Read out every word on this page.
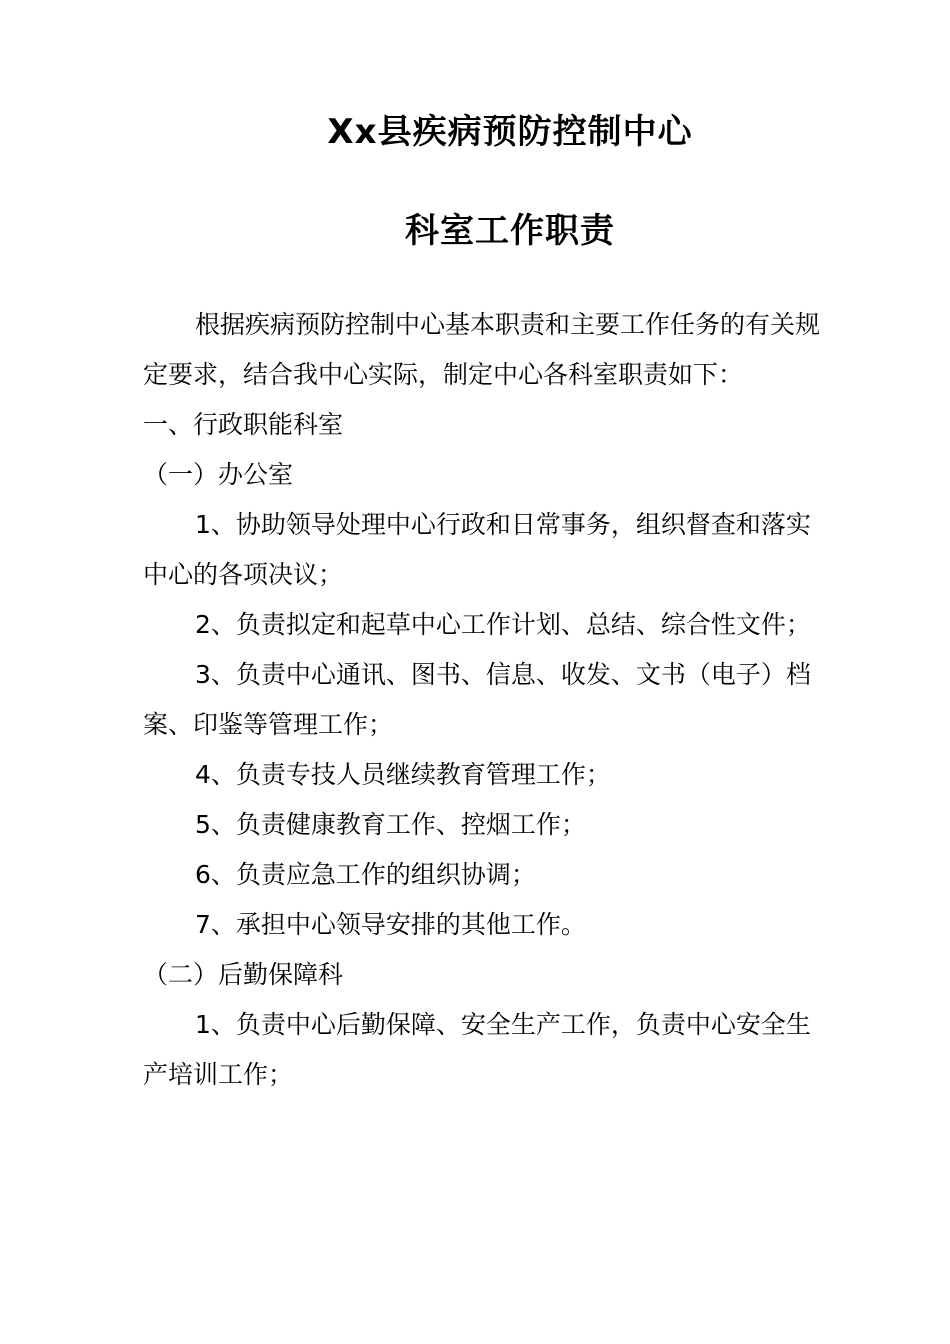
Xx县疾病预防控制中心
科室工作职责

根据疾病预防控制中心基本职责和主要工作任务的有关规定要求，结合我中心实际，制定中心各科室职责如下：

一、行政职能科室

（一）办公室

1、协助领导处理中心行政和日常事务，组织督查和落实中心的各项决议；

2、负责拟定和起草中心工作计划、总结、综合性文件；

3、负责中心通讯、图书、信息、收发、文书（电子）档案、印鉴等管理工作；

4、负责专技人员继续教育管理工作；

5、负责健康教育工作、控烟工作；

6、负责应急工作的组织协调；

7、承担中心领导安排的其他工作。

（二）后勤保障科

1、负责中心后勤保障、安全生产工作，负责中心安全生产培训工作；
